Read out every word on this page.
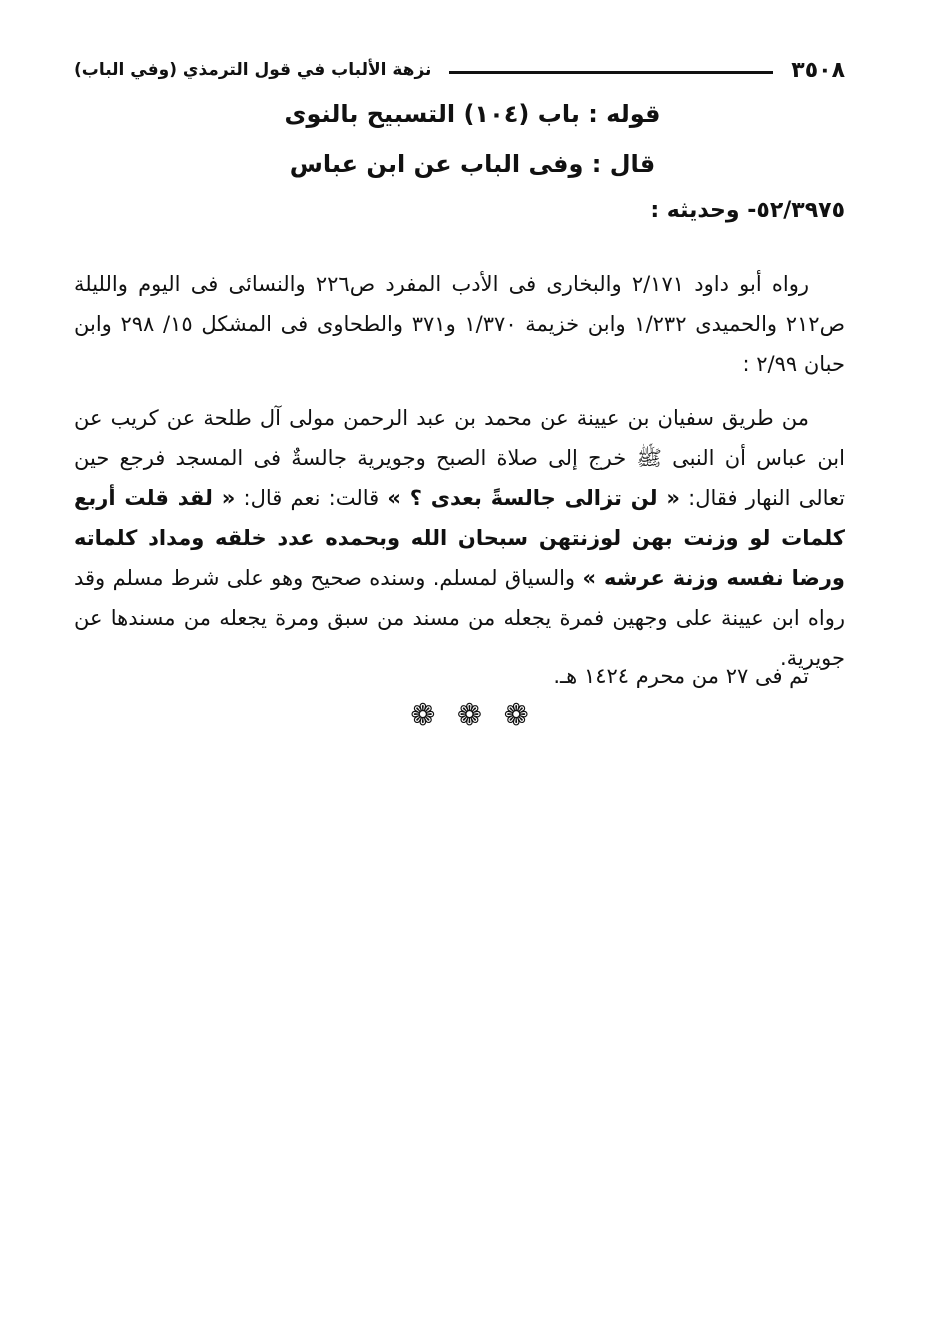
٣٥٠٨
نزهة الألباب في قول الترمذي (وفي الباب)
قوله : باب (١٠٤) التسبيح بالنوى
قال : وفى الباب عن ابن عباس
٥٢/٣٩٧٥- وحديثه :

رواه أبو داود ٢/١٧١ والبخارى فى الأدب المفرد ص٢٢٦ والنسائى فى اليوم والليلة ص٢١٢ والحميدى ١/٢٣٢ وابن خزيمة ١/٣٧٠ و٣٧١ والطحاوى فى المشكل ١٥/ ٢٩٨ وابن حبان ٢/٩٩ :

من طريق سفيان بن عيينة عن محمد بن عبد الرحمن مولى آل طلحة عن كريب عن ابن عباس أن النبى ﷺ خرج إلى صلاة الصبح وجويرية جالسةٌ فى المسجد فرجع حين تعالى النهار فقال: « لن تزالى جالسةً بعدى ؟ » قالت: نعم قال: « لقد قلت أربع كلمات لو وزنت بهن لوزنتهن سبحان الله وبحمده عدد خلقه ومداد كلماته ورضا نفسه وزنة عرشه » والسياق لمسلم. وسنده صحيح وهو على شرط مسلم وقد رواه ابن عيينة على وجهين فمرة يجعله من مسند من سبق ومرة يجعله من مسندها عن جويرية.

تم فى ٢٧ من محرم ١٤٢٤ هـ.

❁ ❁ ❁
